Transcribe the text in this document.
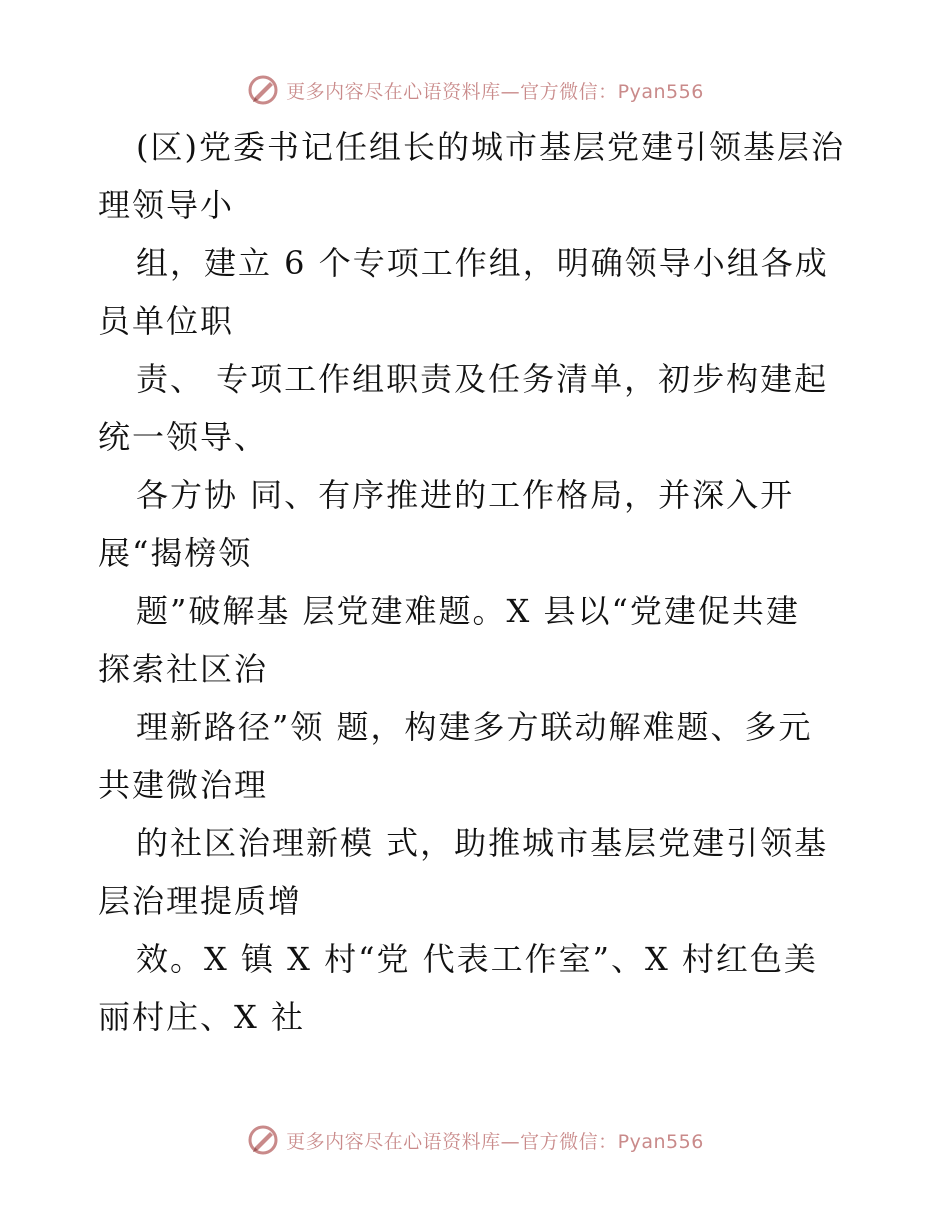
更多内容尽在心语资料库—官方微信：Pyan556

(区)党委书记任组长的城市基层党建引领基层治
理领导小

组，建立 6 个专项工作组，明确领导小组各成
员单位职

责、 专项工作组职责及任务清单，初步构建起
统一领导、

各方协 同、有序推进的工作格局，并深入开
展“揭榜领

题”破解基 层党建难题。X 县以“党建促共建
探索社区治

理新路径”领 题，构建多方联动解难题、多元
共建微治理

的社区治理新模 式，助推城市基层党建引领基
层治理提质增

效。X 镇 X 村“党 代表工作室”、X 村红色美
丽村庄、X 社

更多内容尽在心语资料库—官方微信：Pyan556
